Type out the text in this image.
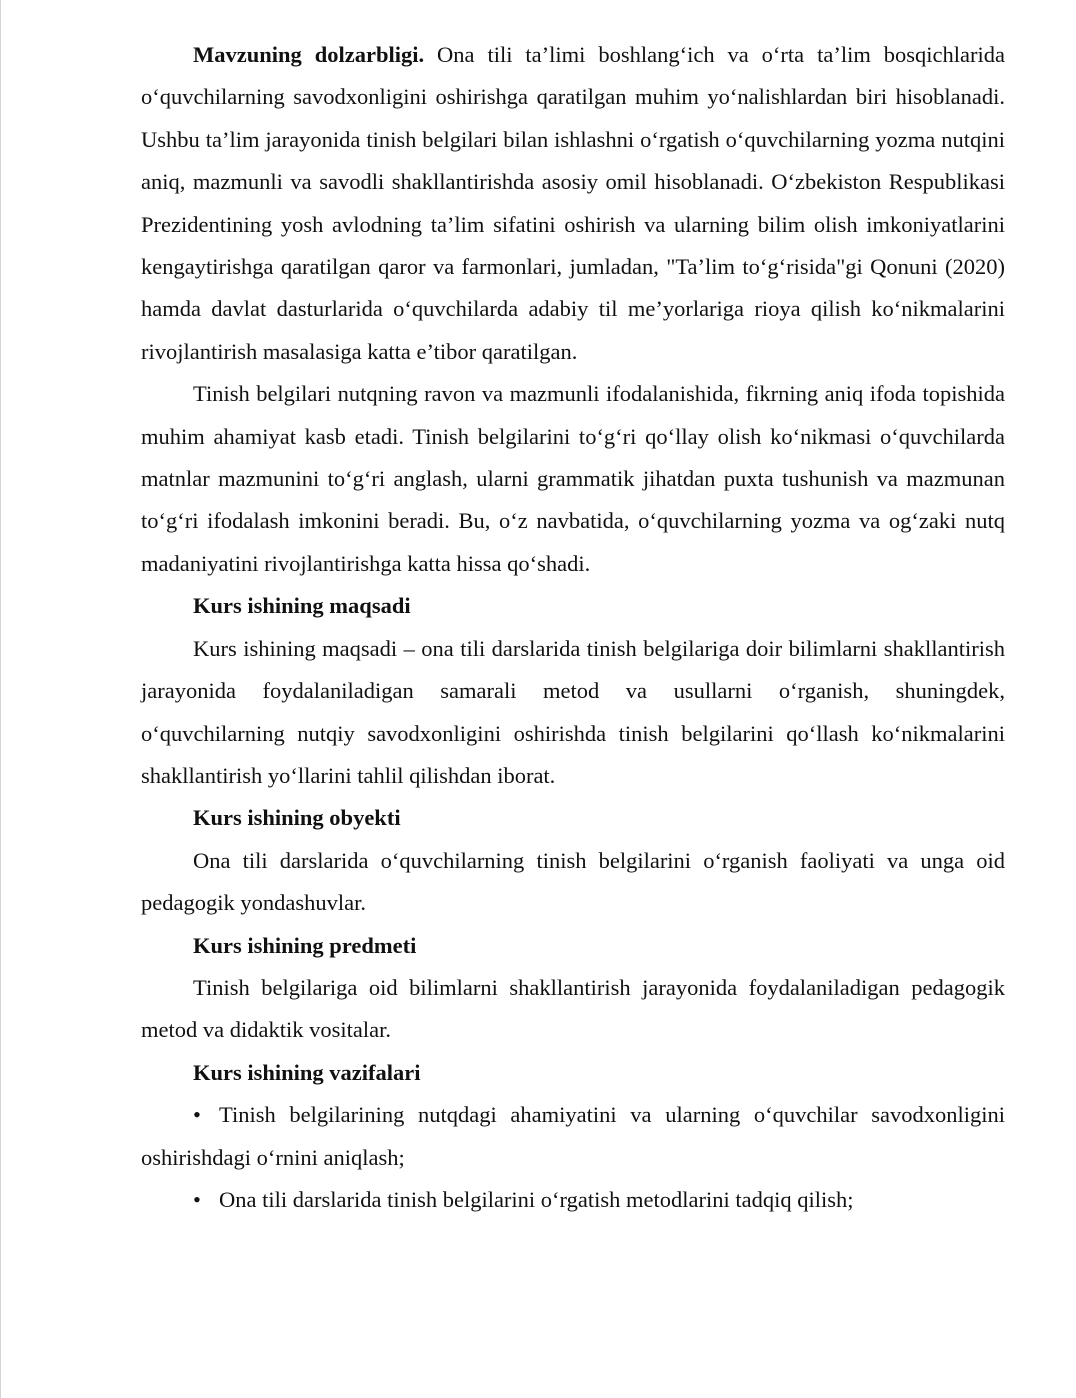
Mavzuning dolzarbligi. Ona tili ta’limi boshlang‘ich va o‘rta ta’lim bosqichlarida o‘quvchilarning savodxonligini oshirishga qaratilgan muhim yo‘nalishlardan biri hisoblanadi. Ushbu ta’lim jarayonida tinish belgilari bilan ishlashni o‘rgatish o‘quvchilarning yozma nutqini aniq, mazmunli va savodli shakllantirishda asosiy omil hisoblanadi. O‘zbekiston Respublikasi Prezidentining yosh avlodning ta’lim sifatini oshirish va ularning bilim olish imkoniyatlarini kengaytirishga qaratilgan qaror va farmonlari, jumladan, "Ta’lim to‘g‘risida"gi Qonuni (2020) hamda davlat dasturlarida o‘quvchilarda adabiy til me’yorlariga rioya qilish ko‘nikmalarini rivojlantirish masalasiga katta e’tibor qaratilgan.

Tinish belgilari nutqning ravon va mazmunli ifodalanishida, fikrning aniq ifoda topishida muhim ahamiyat kasb etadi. Tinish belgilarini to‘g‘ri qo‘llay olish ko‘nikmasi o‘quvchilarda matnlar mazmunini to‘g‘ri anglash, ularni grammatik jihatdan puxta tushunish va mazmunan to‘g‘ri ifodalash imkonini beradi. Bu, o‘z navbatida, o‘quvchilarning yozma va og‘zaki nutq madaniyatini rivojlantirishga katta hissa qo‘shadi.

Kurs ishining maqsadi

Kurs ishining maqsadi – ona tili darslarida tinish belgilariga doir bilimlarni shakllantirish jarayonida foydalaniladigan samarali metod va usullarni o‘rganish, shuningdek, o‘quvchilarning nutqiy savodxonligini oshirishda tinish belgilarini qo‘llash ko‘nikmalarini shakllantirish yo‘llarini tahlil qilishdan iborat.

Kurs ishining obyekti

Ona tili darslarida o‘quvchilarning tinish belgilarini o‘rganish faoliyati va unga oid pedagogik yondashuvlar.

Kurs ishining predmeti

Tinish belgilariga oid bilimlarni shakllantirish jarayonida foydalaniladigan pedagogik metod va didaktik vositalar.

Kurs ishining vazifalari

• Tinish belgilarining nutqdagi ahamiyatini va ularning o‘quvchilar savodxonligini oshirishdagi o‘rnini aniqlash;

• Ona tili darslarida tinish belgilarini o‘rgatish metodlarini tadqiq qilish;
